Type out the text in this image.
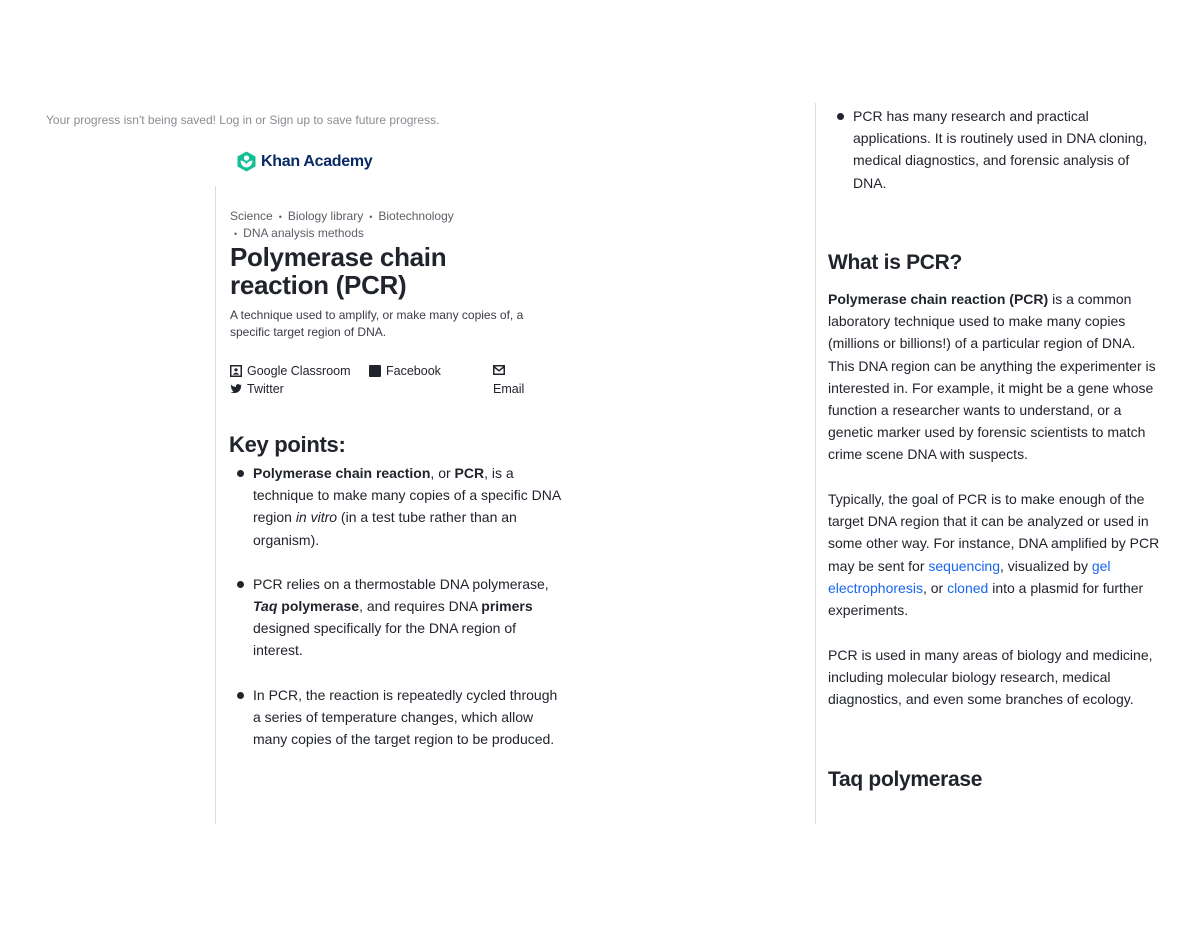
Your progress isn't being saved! Log in or Sign up to save future progress.
Khan Academy
Science • Biology library • Biotechnology
• DNA analysis methods
Polymerase chain
reaction (PCR)
A technique used to amplify, or make many copies of, a specific target region of DNA.
Google Classroom	Facebook
Twitter	Email
Key points:
Polymerase chain reaction, or PCR, is a technique to make many copies of a specific DNA region in vitro (in a test tube rather than an organism).
PCR relies on a thermostable DNA polymerase, Taq polymerase, and requires DNA primers designed specifically for the DNA region of interest.
In PCR, the reaction is repeatedly cycled through a series of temperature changes, which allow many copies of the target region to be produced.
PCR has many research and practical applications. It is routinely used in DNA cloning, medical diagnostics, and forensic analysis of DNA.
What is PCR?

Polymerase chain reaction (PCR) is a common laboratory technique used to make many copies (millions or billions!) of a particular region of DNA. This DNA region can be anything the experimenter is interested in. For example, it might be a gene whose function a researcher wants to understand, or a genetic marker used by forensic scientists to match crime scene DNA with suspects.

Typically, the goal of PCR is to make enough of the target DNA region that it can be analyzed or used in some other way. For instance, DNA amplified by PCR may be sent for sequencing, visualized by gel electrophoresis, or cloned into a plasmid for further experiments.

PCR is used in many areas of biology and medicine, including molecular biology research, medical diagnostics, and even some branches of ecology.

Taq polymerase
